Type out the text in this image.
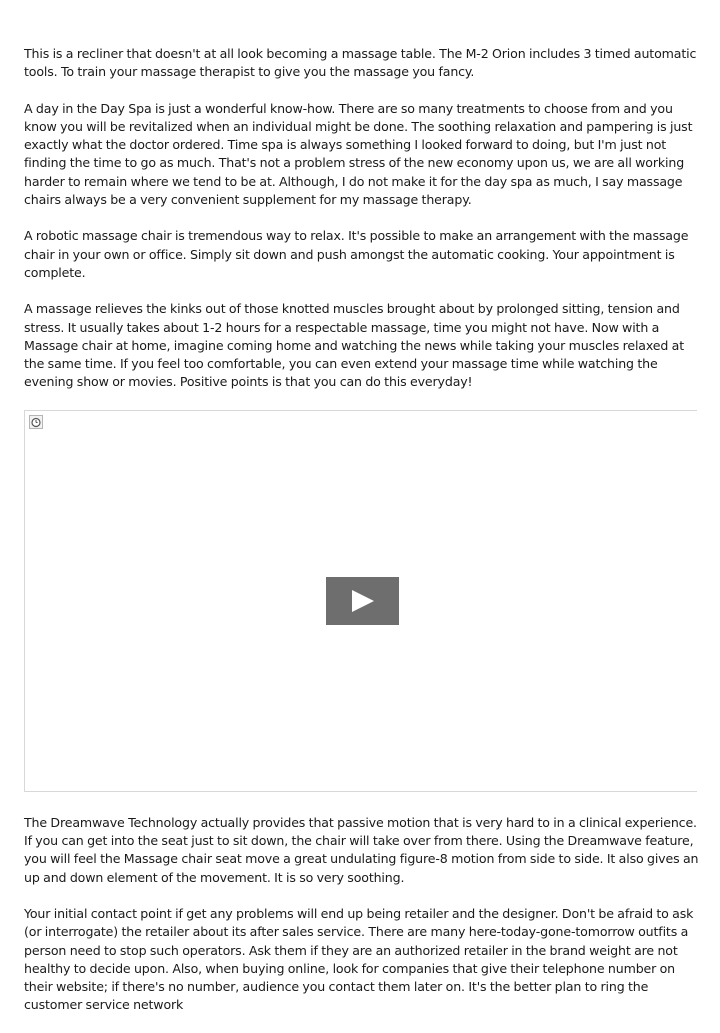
This is a recliner that doesn't at all look becoming a massage table. The M-2 Orion includes 3 timed automatic tools. To train your massage therapist to give you the massage you fancy.

A day in the Day Spa is just a wonderful know-how. There are so many treatments to choose from and you know you will be revitalized when an individual might be done. The soothing relaxation and pampering is just exactly what the doctor ordered. Time spa is always something I looked forward to doing, but I'm just not finding the time to go as much. That's not a problem stress of the new economy upon us, we are all working harder to remain where we tend to be at. Although, I do not make it for the day spa as much, I say massage chairs always be a very convenient supplement for my massage therapy.

A robotic massage chair is tremendous way to relax. It's possible to make an arrangement with the massage chair in your own or office. Simply sit down and push amongst the automatic cooking. Your appointment is complete.

A massage relieves the kinks out of those knotted muscles brought about by prolonged sitting, tension and stress. It usually takes about 1-2 hours for a respectable massage, time you might not have. Now with a Massage chair at home, imagine coming home and watching the news while taking your muscles relaxed at the same time. If you feel too comfortable, you can even extend your massage time while watching the evening show or movies. Positive points is that you can do this everyday!

The Dreamwave Technology actually provides that passive motion that is very hard to in a clinical experience. If you can get into the seat just to sit down, the chair will take over from there. Using the Dreamwave feature, you will feel the Massage chair seat move a great undulating figure-8 motion from side to side. It also gives an up and down element of the movement. It is so very soothing.

Your initial contact point if get any problems will end up being retailer and the designer. Don't be afraid to ask (or interrogate) the retailer about its after sales service. There are many here-today-gone-tomorrow outfits a person need to stop such operators. Ask them if they are an authorized retailer in the brand weight are not healthy to decide upon. Also, when buying online, look for companies that give their telephone number on their website; if there's no number, audience you contact them later on. It's the better plan to ring the customer service network
